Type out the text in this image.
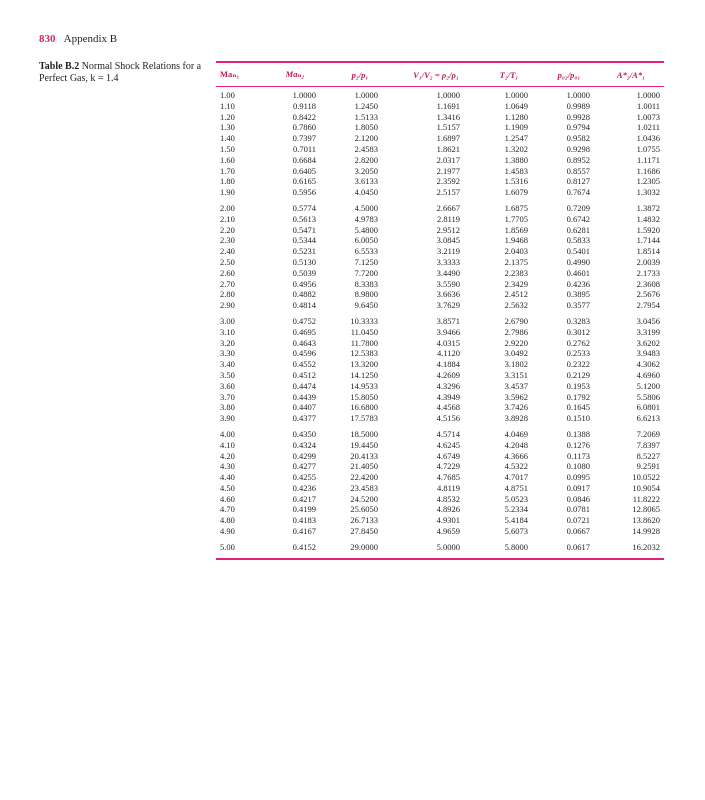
830 Appendix B
Table B.2 Normal Shock Relations for a Perfect Gas, k = 1.4	Maₙ₁	Maₙ₂	p₂/p₁	V₁/V₂ = ρ₂/ρ₁	T₂/T₁	p₀₂/p₀₁	A*₂/A*₁
1.00	1.0000	1.0000	1.0000	1.0000	1.0000	1.0000
1.10	0.9118	1.2450	1.1691	1.0649	0.9989	1.0011
1.20	0.8422	1.5133	1.3416	1.1280	0.9928	1.0073
1.30	0.7860	1.8050	1.5157	1.1909	0.9794	1.0211
1.40	0.7397	2.1200	1.6897	1.2547	0.9582	1.0436
1.50	0.7011	2.4583	1.8621	1.3202	0.9298	1.0755
1.60	0.6684	2.8200	2.0317	1.3880	0.8952	1.1171
1.70	0.6405	3.2050	2.1977	1.4583	0.8557	1.1686
1.80	0.6165	3.6133	2.3592	1.5316	0.8127	1.2305
1.90	0.5956	4.0450	2.5157	1.6079	0.7674	1.3032
2.00	0.5774	4.5000	2.6667	1.6875	0.7209	1.3872
2.10	0.5613	4.9783	2.8119	1.7705	0.6742	1.4832
2.20	0.5471	5.4800	2.9512	1.8569	0.6281	1.5920
2.30	0.5344	6.0050	3.0845	1.9468	0.5833	1.7144
2.40	0.5231	6.5533	3.2119	2.0403	0.5401	1.8514
2.50	0.5130	7.1250	3.3333	2.1375	0.4990	2.0039
2.60	0.5039	7.7200	3.4490	2.2383	0.4601	2.1733
2.70	0.4956	8.3383	3.5590	2.3429	0.4236	2.3608
2.80	0.4882	8.9800	3.6636	2.4512	0.3895	2.5676
2.90	0.4814	9.6450	3.7629	2.5632	0.3577	2.7954
3.00	0.4752	10.3333	3.8571	2.6790	0.3283	3.0456
3.10	0.4695	11.0450	3.9466	2.7986	0.3012	3.3199
3.20	0.4643	11.7800	4.0315	2.9220	0.2762	3.6202
3.30	0.4596	12.5383	4.1120	3.0492	0.2533	3.9483
3.40	0.4552	13.3200	4.1884	3.1802	0.2322	4.3062
3.50	0.4512	14.1250	4.2609	3.3151	0.2129	4.6960
3.60	0.4474	14.9533	4.3296	3.4537	0.1953	5.1200
3.70	0.4439	15.8050	4.3949	3.5962	0.1792	5.5806
3.80	0.4407	16.6800	4.4568	3.7426	0.1645	6.0801
3.90	0.4377	17.5783	4.5156	3.8928	0.1510	6.6213
4.00	0.4350	18.5000	4.5714	4.0469	0.1388	7.2069
4.10	0.4324	19.4450	4.6245	4.2048	0.1276	7.8397
4.20	0.4299	20.4133	4.6749	4.3666	0.1173	8.5227
4.30	0.4277	21.4050	4.7229	4.5322	0.1080	9.2591
4.40	0.4255	22.4200	4.7685	4.7017	0.0995	10.0522
4.50	0.4236	23.4583	4.8119	4.8751	0.0917	10.9054
4.60	0.4217	24.5200	4.8532	5.0523	0.0846	11.8222
4.70	0.4199	25.6050	4.8926	5.2334	0.0781	12.8065
4.80	0.4183	26.7133	4.9301	5.4184	0.0721	13.8620
4.90	0.4167	27.8450	4.9659	5.6073	0.0667	14.9928
5.00	0.4152	29.0000	5.0000	5.8000	0.0617	16.2032
